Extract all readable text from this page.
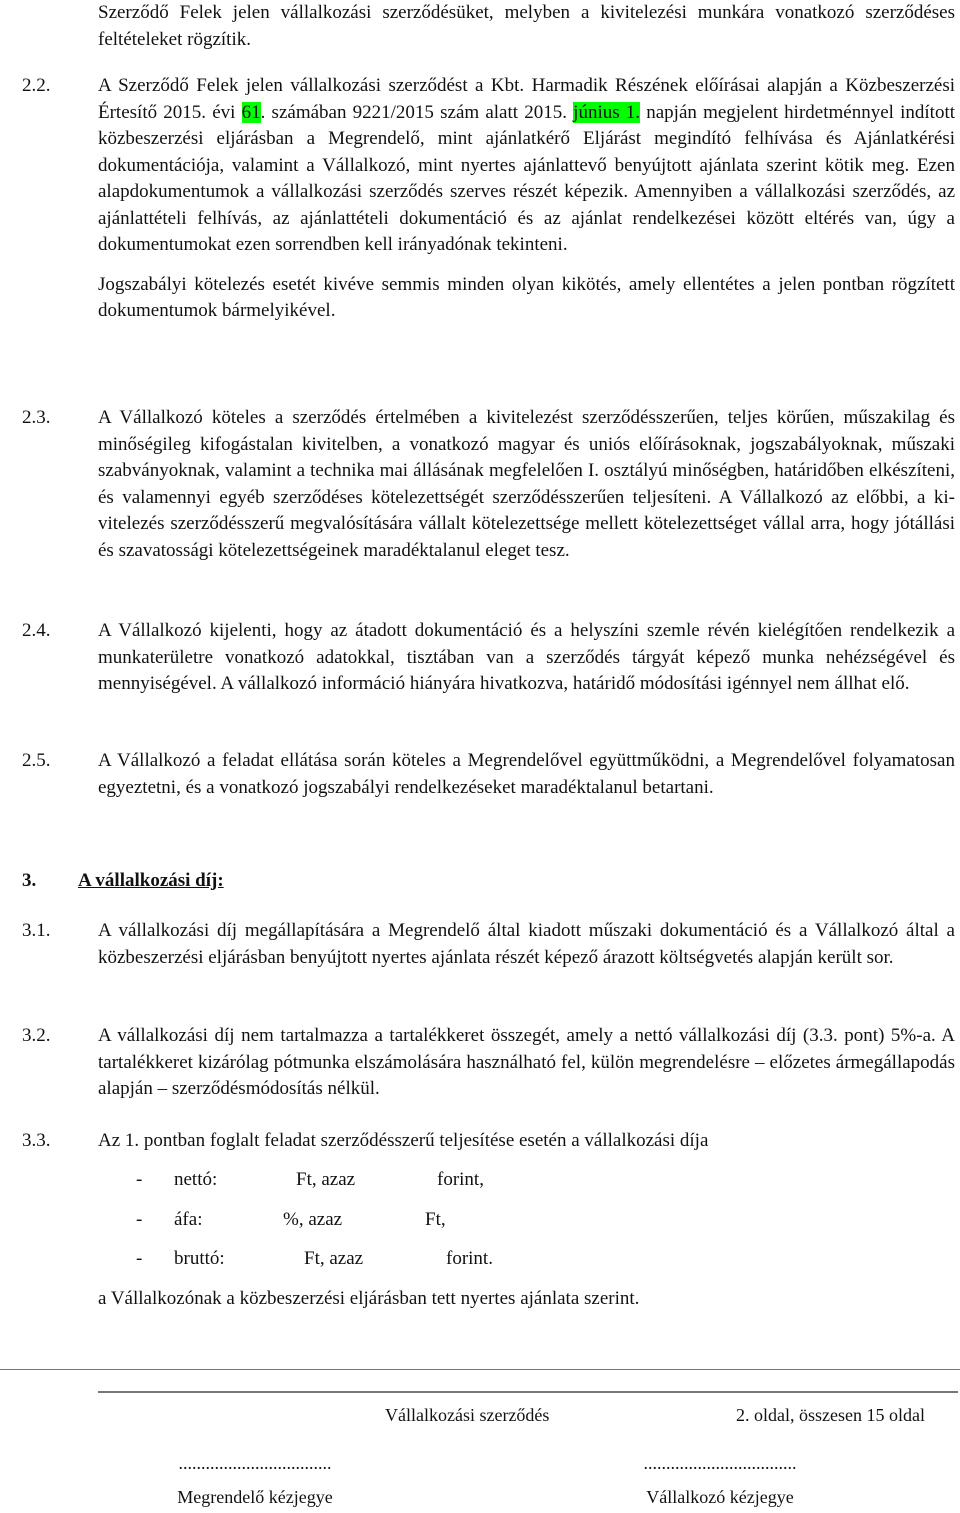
Szerződő Felek jelen vállalkozási szerződésüket, melyben a kivitelezési munkára vonatkozó szerződéses feltételeket rögzítik.

2.2.	A Szerződő Felek jelen vállalkozási szerződést a Kbt. Harmadik Részének előírásai alapján a Közbeszerzési Értesítő 2015. évi 61. számában 9221/2015 szám alatt 2015. június 1. napján megjelent hirdetménnyel indított közbeszerzési eljárásban a Megrendelő, mint ajánlatkérő Eljárást megindító felhívása és Ajánlatkérési dokumentációja, valamint a Vállalkozó, mint nyertes ajánlattevő benyújtott ajánlata szerint kötik meg. Ezen alapdokumentumok a vállalkozási szerződés szerves részét képezik. Amennyiben a vállalkozási szerződés, az ajánlattételi felhívás, az ajánlattételi dokumentáció és az ajánlat rendelkezései között eltérés van, úgy a dokumentumokat ezen sorrendben kell irányadónak tekinteni.

Jogszabályi kötelezés esetét kivéve semmis minden olyan kikötés, amely ellentétes a jelen pontban rögzített dokumentumok bármelyikével.

2.3.	A Vállalkozó köteles a szerződés értelmében a kivitelezést szerződésszerűen, teljes körűen, műszakilag és minőségileg kifogástalan kivitelben, a vonatkozó magyar és uniós előírásoknak, jogszabályoknak, műszaki szabványoknak, valamint a technika mai állásának megfelelően I. osztályú minőségben, határidőben elkészíteni, és valamennyi egyéb szerződéses kötelezettségét szerződésszerűen teljesíteni. A Vállalkozó az előbbi, a ki-vitelezés szerződésszerű megvalósítására vállalt kötelezettsége mellett kötelezettséget vállal arra, hogy jótállási és szavatossági kötelezettségeinek maradéktalanul eleget tesz.

2.4.	A Vállalkozó kijelenti, hogy az átadott dokumentáció és a helyszíni szemle révén kielégítően rendelkezik a munkaterületre vonatkozó adatokkal, tisztában van a szerződés tárgyát képező munka nehézségével és mennyiségével. A vállalkozó információ hiányára hivatkozva, határidő módosítási igénnyel nem állhat elő.

2.5.	A Vállalkozó a feladat ellátása során köteles a Megrendelővel együttműködni, a Megrendelővel folyamatosan egyeztetni, és a vonatkozó jogszabályi rendelkezéseket maradéktalanul betartani.

3. A vállalkozási díj:
3.1.	A vállalkozási díj megállapítására a Megrendelő által kiadott műszaki dokumentáció és a Vállalkozó által a közbeszerzési eljárásban benyújtott nyertes ajánlata részét képező árazott költségvetés alapján került sor.

3.2.	A vállalkozási díj nem tartalmazza a tartalékkeret összegét, amely a nettó vállalkozási díj (3.3. pont) 5%-a. A tartalékkeret kizárólag pótmunka elszámolására használható fel, külön megrendelésre – előzetes ármegállapodás alapján – szerződésmódosítás nélkül.

3.3.	Az 1. pontban foglalt feladat szerződésszerű teljesítése esetén a vállalkozási díja
- nettó:	Ft, azaz	forint,
- áfa:	%, azaz	Ft,
- bruttó:	Ft, azaz	forint.
a Vállalkozónak a közbeszerzési eljárásban tett nyertes ajánlata szerint.
Vállalkozási szerződés	2. oldal, összesen 15 oldal
..................................
Megrendelő kézjegye
..................................
Vállalkozó kézjegye
